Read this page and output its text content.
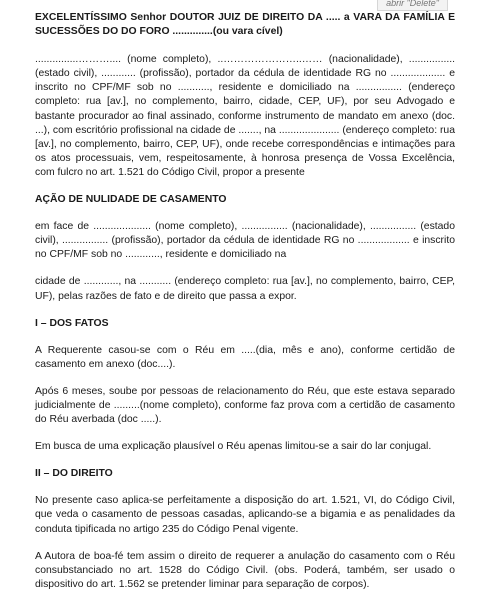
abrir "Delete"

EXCELENTÍSSIMO Senhor DOUTOR JUIZ DE DIREITO DA ..... a VARA DA FAMÍLIA E SUCESSÕES DO DO FORO ..............(ou vara cível)

...............……….... (nome completo), ..…………………..…… (nacionalidade), ................ (estado civil), ............ (profissão), portador da cédula de identidade RG no ................... e inscrito no CPF/MF sob no ..........., residente e domiciliado na ................ (endereço completo: rua [av.], no complemento, bairro, cidade, CEP, UF), por seu Advogado e bastante procurador ao final assinado, conforme instrumento de mandato em anexo (doc. ...), com escritório profissional na cidade de ......., na ..................... (endereço completo: rua [av.], no complemento, bairro, CEP, UF), onde recebe correspondências e intimações para os atos processuais, vem, respeitosamente, à honrosa presença de Vossa Excelência, com fulcro no art. 1.521 do Código Civil, propor a presente

AÇÃO DE NULIDADE DE CASAMENTO

em face de .................... (nome completo), ................ (nacionalidade), ................ (estado civil), ................ (profissão), portador da cédula de identidade RG no .................. e inscrito no CPF/MF sob no ............, residente e domiciliado na

cidade de ............, na ........... (endereço completo: rua [av.], no complemento, bairro, CEP, UF), pelas razões de fato e de direito que passa a expor.

I – DOS FATOS

A Requerente casou-se com o Réu em .....(dia, mês e ano), conforme certidão de casamento em anexo (doc....).

Após 6 meses, soube por pessoas de relacionamento do Réu, que este estava separado judicialmente de .........(nome completo), conforme faz prova com a certidão de casamento do Réu averbada (doc .....).

Em busca de uma explicação plausível o Réu apenas limitou-se a sair do lar conjugal.

II – DO DIREITO

No presente caso aplica-se perfeitamente a disposição do art. 1.521, VI, do Código Civil, que veda o casamento de pessoas casadas, aplicando-se a bigamia e as penalidades da conduta tipificada no artigo 235 do Código Penal vigente.

A Autora de boa-fé tem assim o direito de requerer a anulação do casamento com o Réu consubstanciado no art. 1528 do Código Civil. (obs. Poderá, também, ser usado o dispositivo do art. 1.562 se pretender liminar para separação de corpos).
